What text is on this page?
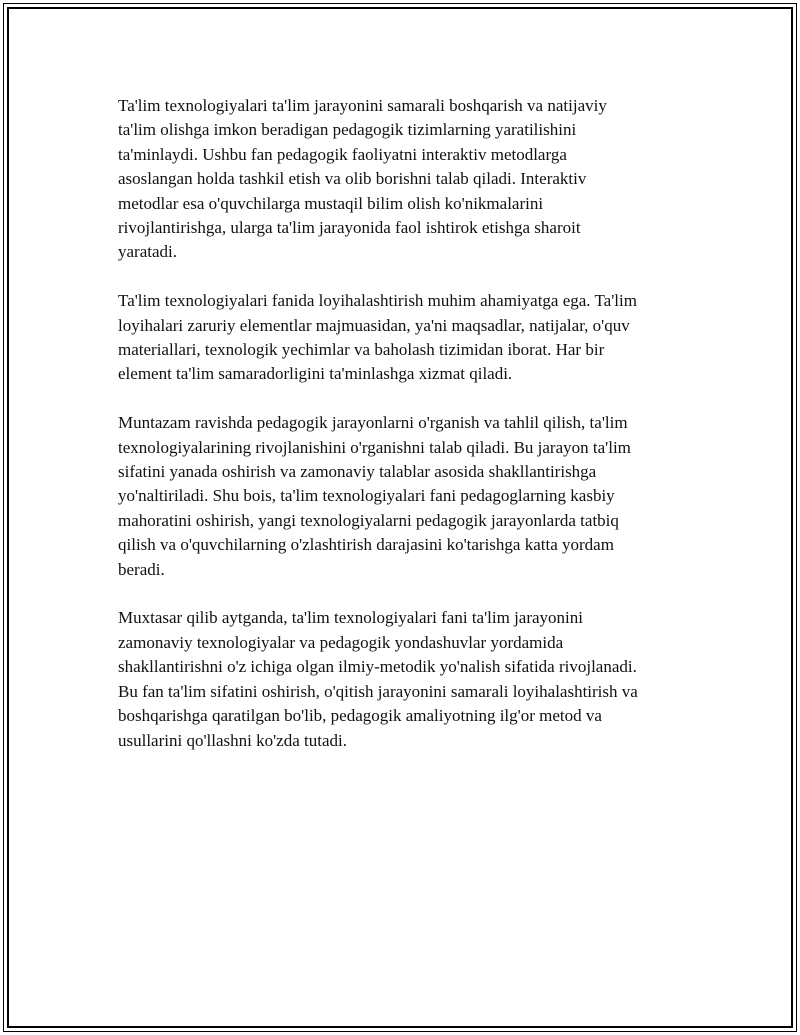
Ta'lim texnologiyalari ta'lim jarayonini samarali boshqarish va natijaviy
ta'lim olishga imkon beradigan pedagogik tizimlarning yaratilishini
ta'minlaydi. Ushbu fan pedagogik faoliyatni interaktiv metodlarga
asoslangan holda tashkil etish va olib borishni talab qiladi. Interaktiv
metodlar esa o'quvchilarga mustaqil bilim olish ko'nikmalarini
rivojlantirishga, ularga ta'lim jarayonida faol ishtirok etishga sharoit
yaratadi.

Ta'lim texnologiyalari fanida loyihalashtirish muhim ahamiyatga ega. Ta'lim
loyihalari zaruriy elementlar majmuasidan, ya'ni maqsadlar, natijalar, o'quv
materiallari, texnologik yechimlar va baholash tizimidan iborat. Har bir
element ta'lim samaradorligini ta'minlashga xizmat qiladi.

Muntazam ravishda pedagogik jarayonlarni o'rganish va tahlil qilish, ta'lim
texnologiyalarining rivojlanishini o'rganishni talab qiladi. Bu jarayon ta'lim
sifatini yanada oshirish va zamonaviy talablar asosida shakllantirishga
yo'naltiriladi. Shu bois, ta'lim texnologiyalari fani pedagoglarning kasbiy
mahoratini oshirish, yangi texnologiyalarni pedagogik jarayonlarda tatbiq
qilish va o'quvchilarning o'zlashtirish darajasini ko'tarishga katta yordam
beradi.

Muxtasar qilib aytganda, ta'lim texnologiyalari fani ta'lim jarayonini
zamonaviy texnologiyalar va pedagogik yondashuvlar yordamida
shakllantirishni o'z ichiga olgan ilmiy-metodik yo'nalish sifatida rivojlanadi.
Bu fan ta'lim sifatini oshirish, o'qitish jarayonini samarali loyihalashtirish va
boshqarishga qaratilgan bo'lib, pedagogik amaliyotning ilg'or metod va
usullarini qo'llashni ko'zda tutadi.
